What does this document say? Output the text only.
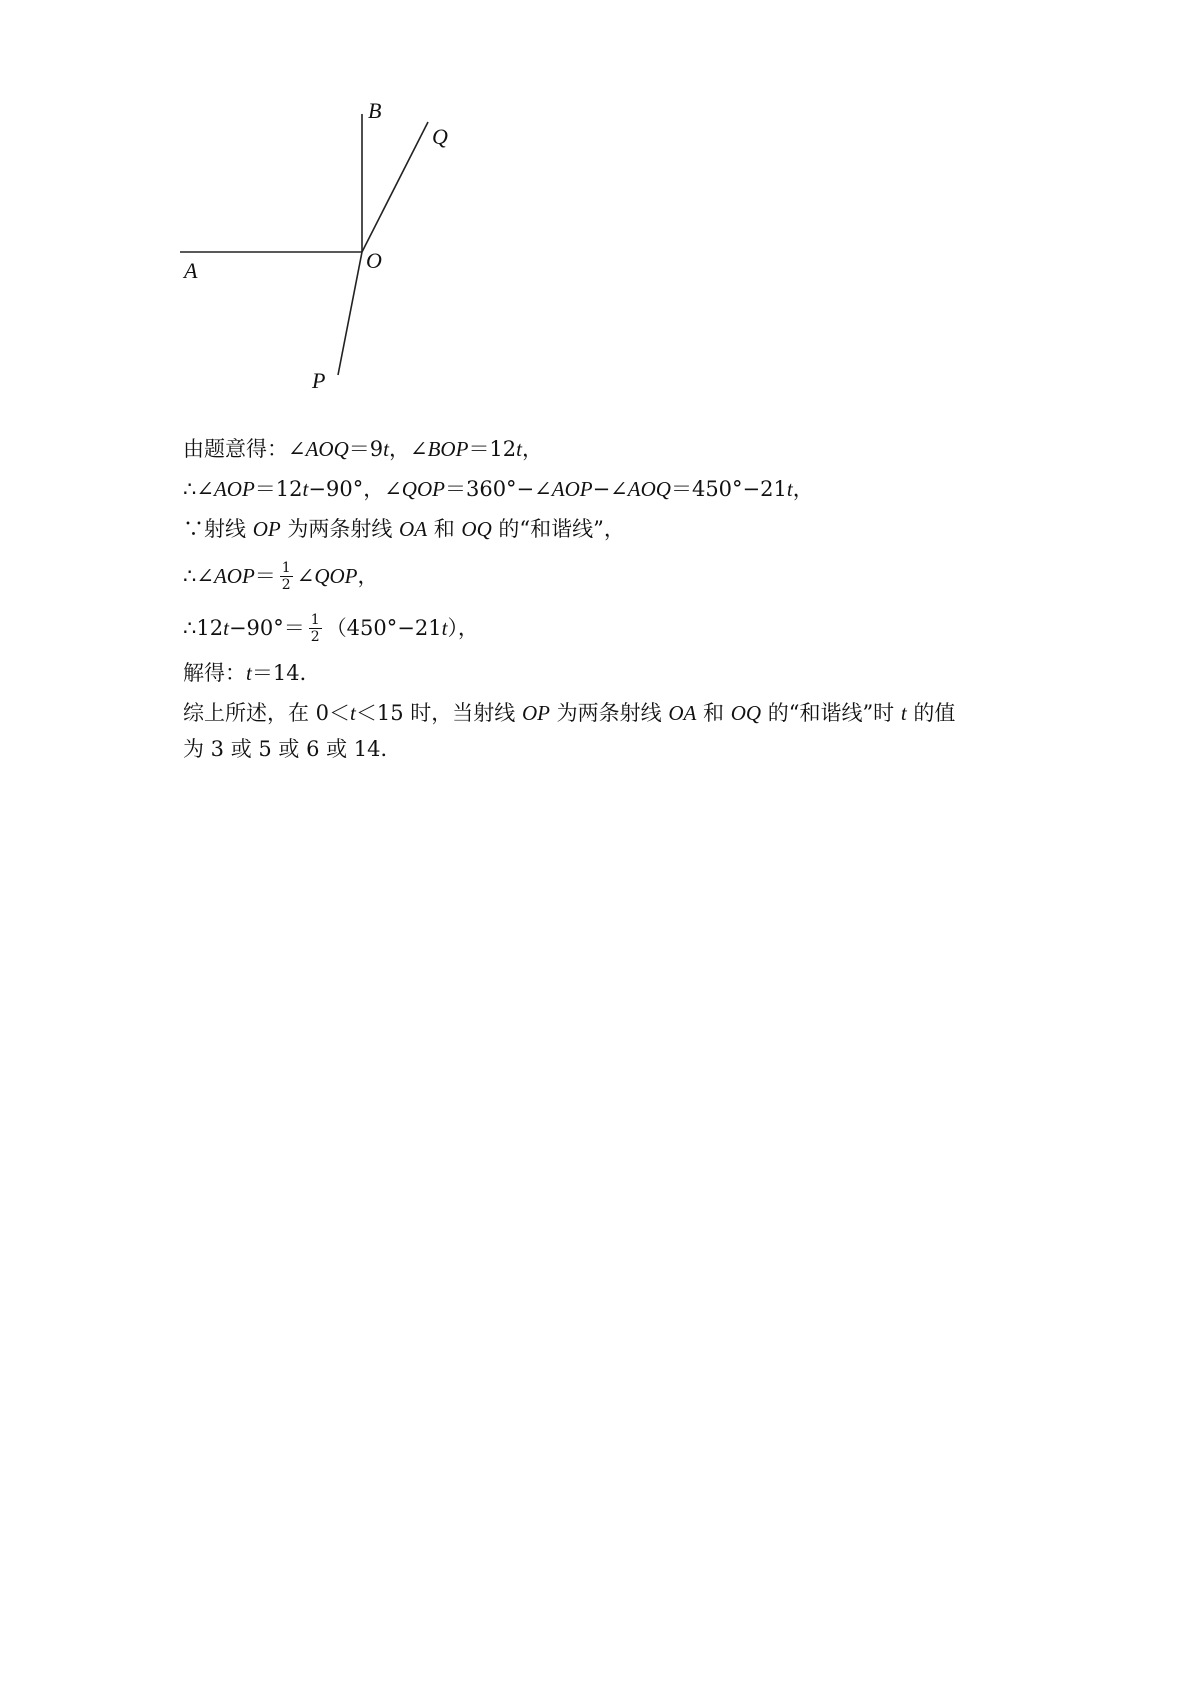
A
B
O
P
Q
由题意得：∠ AOQ ＝9 t ，∠ BOP ＝12 t ，
∴∠ AOP ＝12 t −90°，∠ QOP ＝360°−∠ AOP −∠ AOQ ＝450°−21 t ，
∵射线 OP 为两条射线 OA 和 OQ 的“和谐线”，
∴∠ AOP ＝ $\frac{1}{2}$ ∠ QOP ，
∴12 $t -90^\circ= \frac{1}{2} (450^\circ-21$ t ），
解得： t ＝14．
综上所述，在 0＜ t ＜15 时，当射线 OP 为两条射线 OA 和 OQ 的“和谐线”时 t 的值
为 3 或 5 或 6 或 14．
